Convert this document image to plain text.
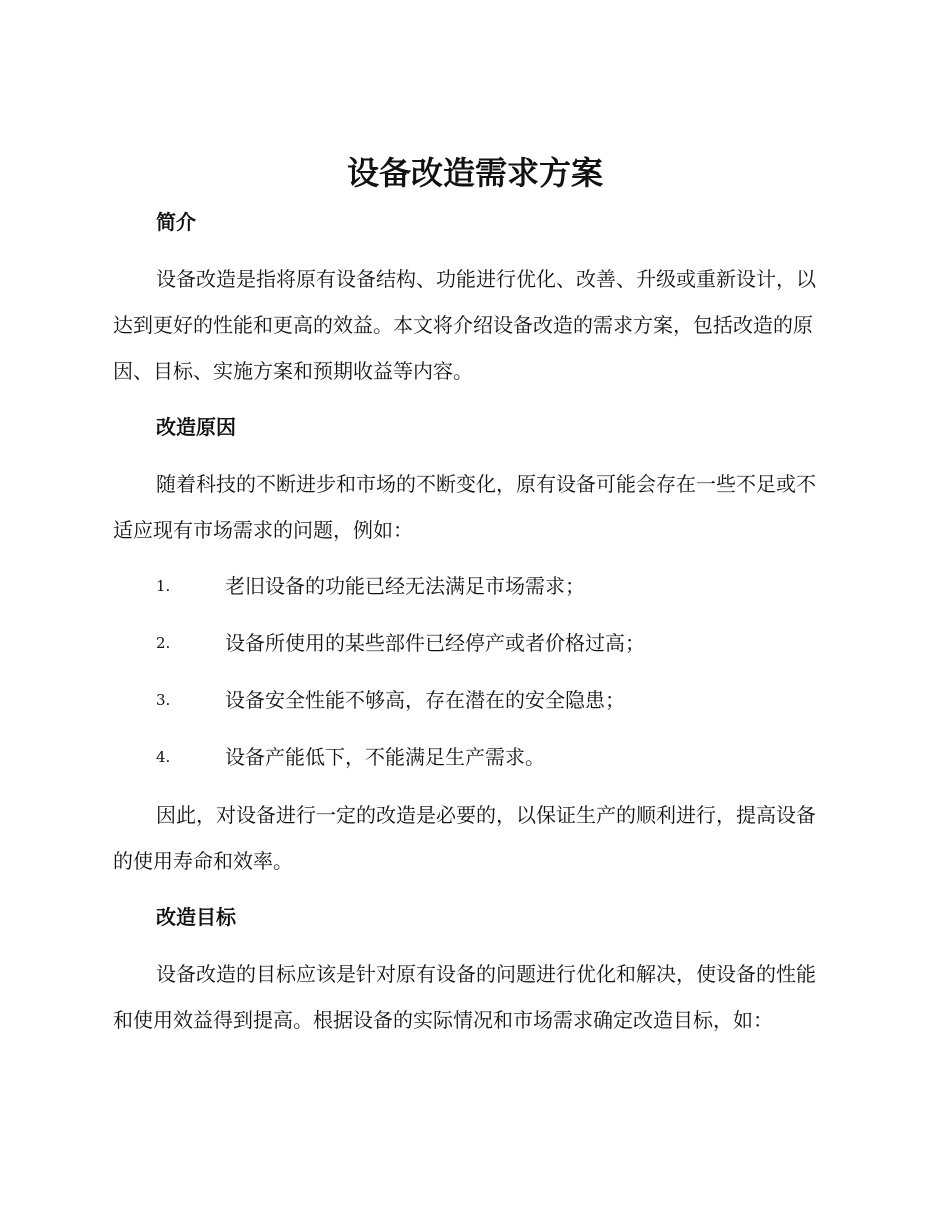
设备改造需求方案
简介

设备改造是指将原有设备结构、功能进行优化、改善、升级或重新设计，以达到更好的性能和更高的效益。本文将介绍设备改造的需求方案，包括改造的原因、目标、实施方案和预期收益等内容。

改造原因

随着科技的不断进步和市场的不断变化，原有设备可能会存在一些不足或不适应现有市场需求的问题，例如：

1.	老旧设备的功能已经无法满足市场需求；
2.	设备所使用的某些部件已经停产或者价格过高；
3.	设备安全性能不够高，存在潜在的安全隐患；
4.	设备产能低下，不能满足生产需求。

因此，对设备进行一定的改造是必要的，以保证生产的顺利进行，提高设备的使用寿命和效率。

改造目标

设备改造的目标应该是针对原有设备的问题进行优化和解决，使设备的性能和使用效益得到提高。根据设备的实际情况和市场需求确定改造目标，如：
